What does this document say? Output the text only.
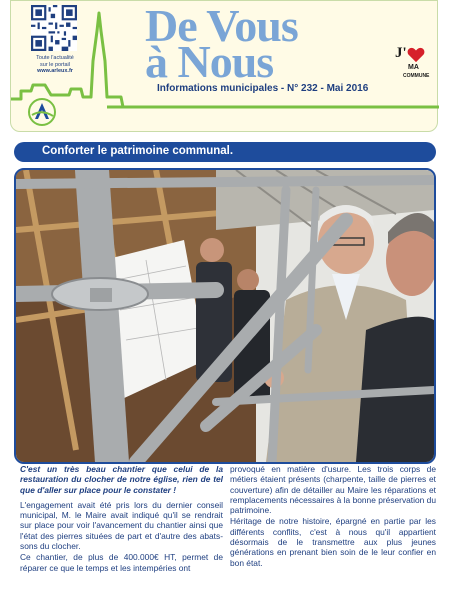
Toute l'actualité
sur le portail
www.arleux.fr
De Vous
à Nous
Informations municipales - N° 232 - Mai 2016
J'
MA
COMMUNE
Conforter le patrimoine communal.

C'est un très beau chantier que celui de la restauration du clocher de notre église, rien de tel que d'aller sur place pour le constater !

L'engagement avait été pris lors du dernier conseil municipal, M. le Maire avait indiqué qu'il se rendrait sur place pour voir l'avancement du chantier ainsi que l'état des pierres situées de part et d'autre des abats-sons du clocher.

Ce chantier, de plus de 400.000€ HT, permet de réparer ce que le temps et les intempéries ont

provoqué en matière d'usure. Les trois corps de métiers étaient présents (charpente, taille de pierres et couverture) afin de détailler au Maire les réparations et remplacements nécessaires à la bonne préservation du patrimoine.

Héritage de notre histoire, épargné en partie par les différents conflits, c'est à nous qu'il appartient désormais de le transmettre aux plus jeunes générations en prenant bien soin de le leur confier en bon état.
